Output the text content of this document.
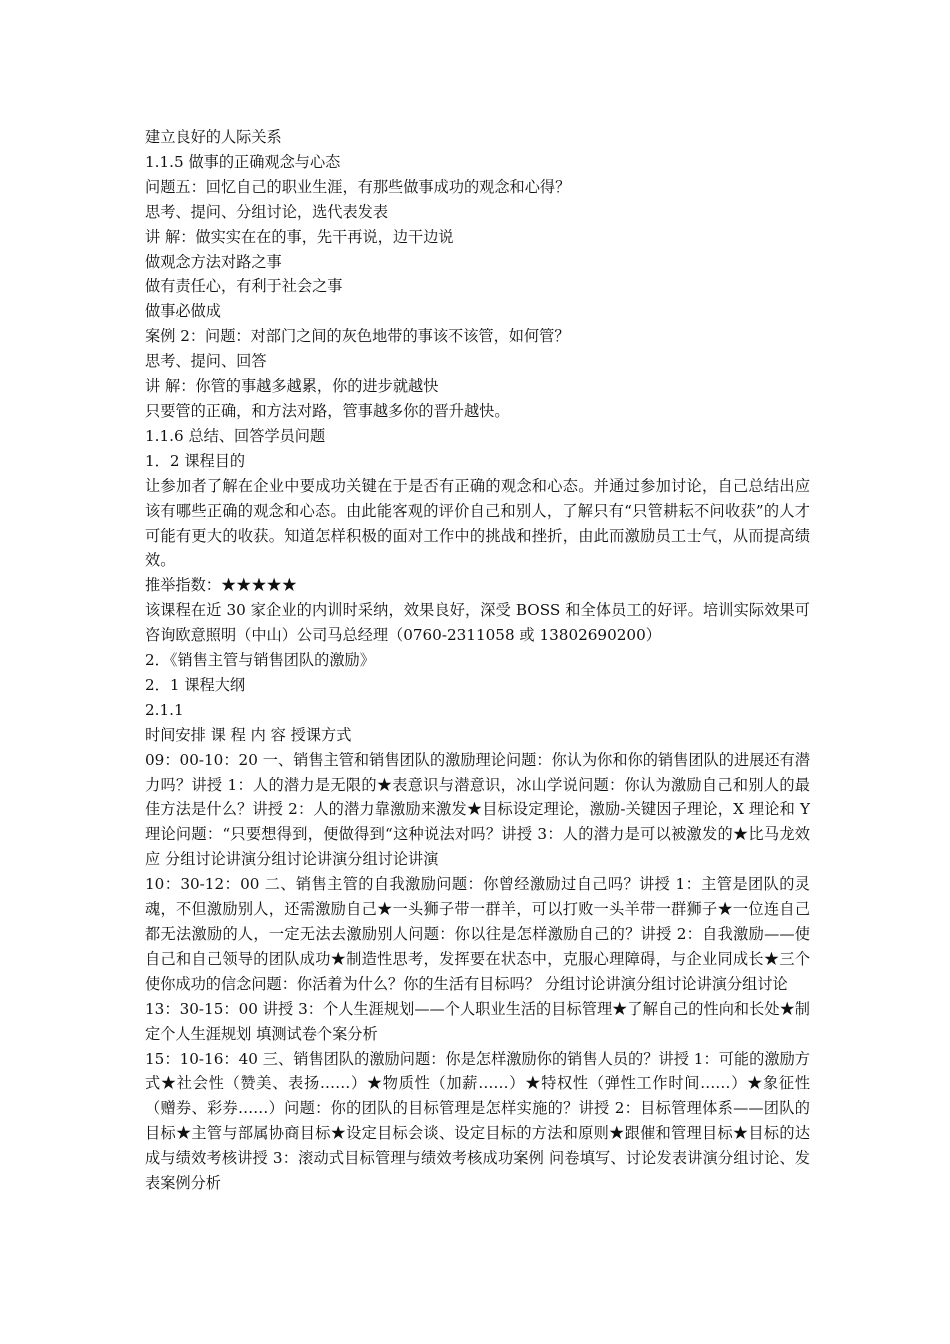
建立良好的人际关系

1.1.5 做事的正确观念与心态

问题五：回忆自己的职业生涯，有那些做事成功的观念和心得？

思考、提问、分组讨论，选代表发表

讲 解：做实实在在的事，先干再说，边干边说

做观念方法对路之事

做有责任心，有利于社会之事

做事必做成

案例 2：问题：对部门之间的灰色地带的事该不该管，如何管？

思考、提问、回答

讲 解：你管的事越多越累，你的进步就越快

只要管的正确，和方法对路，管事越多你的晋升越快。

1.1.6 总结、回答学员问题

1．2 课程目的

让参加者了解在企业中要成功关键在于是否有正确的观念和心态。并通过参加讨论，自己总结出应该有哪些正确的观念和心态。由此能客观的评价自己和别人，了解只有“只管耕耘不问收获”的人才可能有更大的收获。知道怎样积极的面对工作中的挑战和挫折，由此而激励员工士气，从而提高绩效。

推举指数：★★★★★

该课程在近 30 家企业的内训时采纳，效果良好，深受 BOSS 和全体员工的好评。培训实际效果可咨询欧意照明（中山）公司马总经理（0760-2311058 或 13802690200）

2．《销售主管与销售团队的激励》

2．1 课程大纲

2.1.1

时间安排 课 程 内 容 授课方式

09：00-10：20 一、销售主管和销售团队的激励理论问题：你认为你和你的销售团队的进展还有潜力吗？讲授 1：人的潜力是无限的★表意识与潜意识，冰山学说问题：你认为激励自己和别人的最佳方法是什么？讲授 2：人的潜力靠激励来激发★目标设定理论，激励-关键因子理论，X 理论和 Y 理论问题：“只要想得到，便做得到“这种说法对吗？讲授 3：人的潜力是可以被激发的★比马龙效应 分组讨论讲演分组讨论讲演分组讨论讲演

10：30-12：00 二、销售主管的自我激励问题：你曾经激励过自己吗？讲授 1：主管是团队的灵魂，不但激励别人，还需激励自己★一头狮子带一群羊，可以打败一头羊带一群狮子★一位连自己都无法激励的人，一定无法去激励别人问题：你以往是怎样激励自己的？讲授 2：自我激励——使自己和自己领导的团队成功★制造性思考，发挥要在状态中，克服心理障碍，与企业同成长★三个使你成功的信念问题：你活着为什么？你的生活有目标吗？ 分组讨论讲演分组讨论讲演分组讨论

13：30-15：00 讲授 3：个人生涯规划——个人职业生活的目标管理★了解自己的性向和长处★制定个人生涯规划 填测试卷个案分析

15：10-16：40 三、销售团队的激励问题：你是怎样激励你的销售人员的？讲授 1：可能的激励方式★社会性（赞美、表扬……）★物质性（加薪……）★特权性（弹性工作时间……）★象征性（赠券、彩券……）问题：你的团队的目标管理是怎样实施的？讲授 2：目标管理体系——团队的目标★主管与部属协商目标★设定目标会谈、设定目标的方法和原则★跟催和管理目标★目标的达成与绩效考核讲授 3：滚动式目标管理与绩效考核成功案例 问卷填写、讨论发表讲演分组讨论、发表案例分析
